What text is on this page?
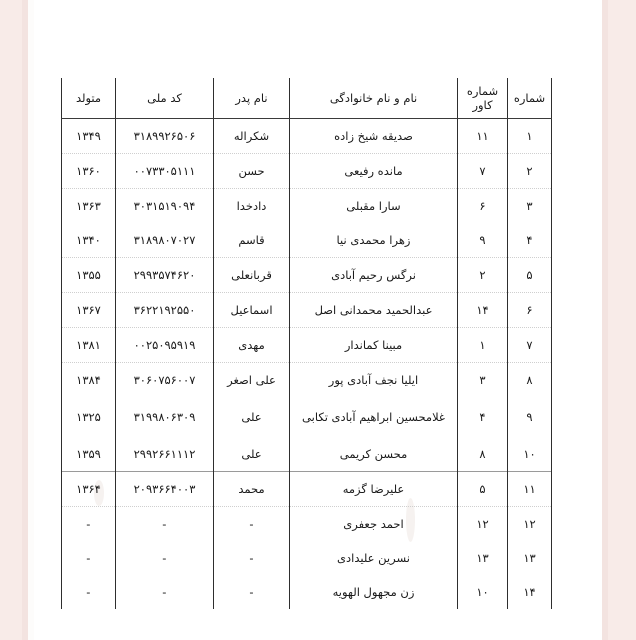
شماره	شماره کاور	نام و نام خانوادگی	نام پدر	کد ملی	متولد
۱	۱۱	صدیقه شیخ زاده	شکراله	۳۱۸۹۹۲۶۵۰۶	۱۳۴۹
۲	۷	مانده رفیعی	حسن	۰۰۷۳۳۰۵۱۱۱	۱۳۶۰
۳	۶	سارا مقبلی	دادخدا	۳۰۳۱۵۱۹۰۹۴	۱۳۶۳
۴	۹	زهرا محمدی نیا	قاسم	۳۱۸۹۸۰۷۰۲۷	۱۳۴۰
۵	۲	نرگس رحیم آبادی	قربانعلی	۲۹۹۳۵۷۴۶۲۰	۱۳۵۵
۶	۱۴	عبدالحمید محمدانی اصل	اسماعیل	۳۶۲۲۱۹۲۵۵۰	۱۳۶۷
۷	۱	مبینا کماندار	مهدی	۰۰۲۵۰۹۵۹۱۹	۱۳۸۱
۸	۳	ایلیا نجف آبادی پور	علی اصغر	۳۰۶۰۷۵۶۰۰۷	۱۳۸۴
۹	۴	غلامحسین ابراهیم آبادی تکابی	علی	۳۱۹۹۸۰۶۳۰۹	۱۳۲۵
۱۰	۸	محسن کریمی	علی	۲۹۹۲۶۶۱۱۱۲	۱۳۵۹
۱۱	۵	علیرضا گزمه	محمد	۲۰۹۳۶۶۴۰۰۳	۱۳۶۴
۱۲	۱۲	احمد جعفری	-	-	-
۱۳	۱۳	نسرین علیدادی	-	-	-
۱۴	۱۰	زن مجهول الهویه	-	-	-
